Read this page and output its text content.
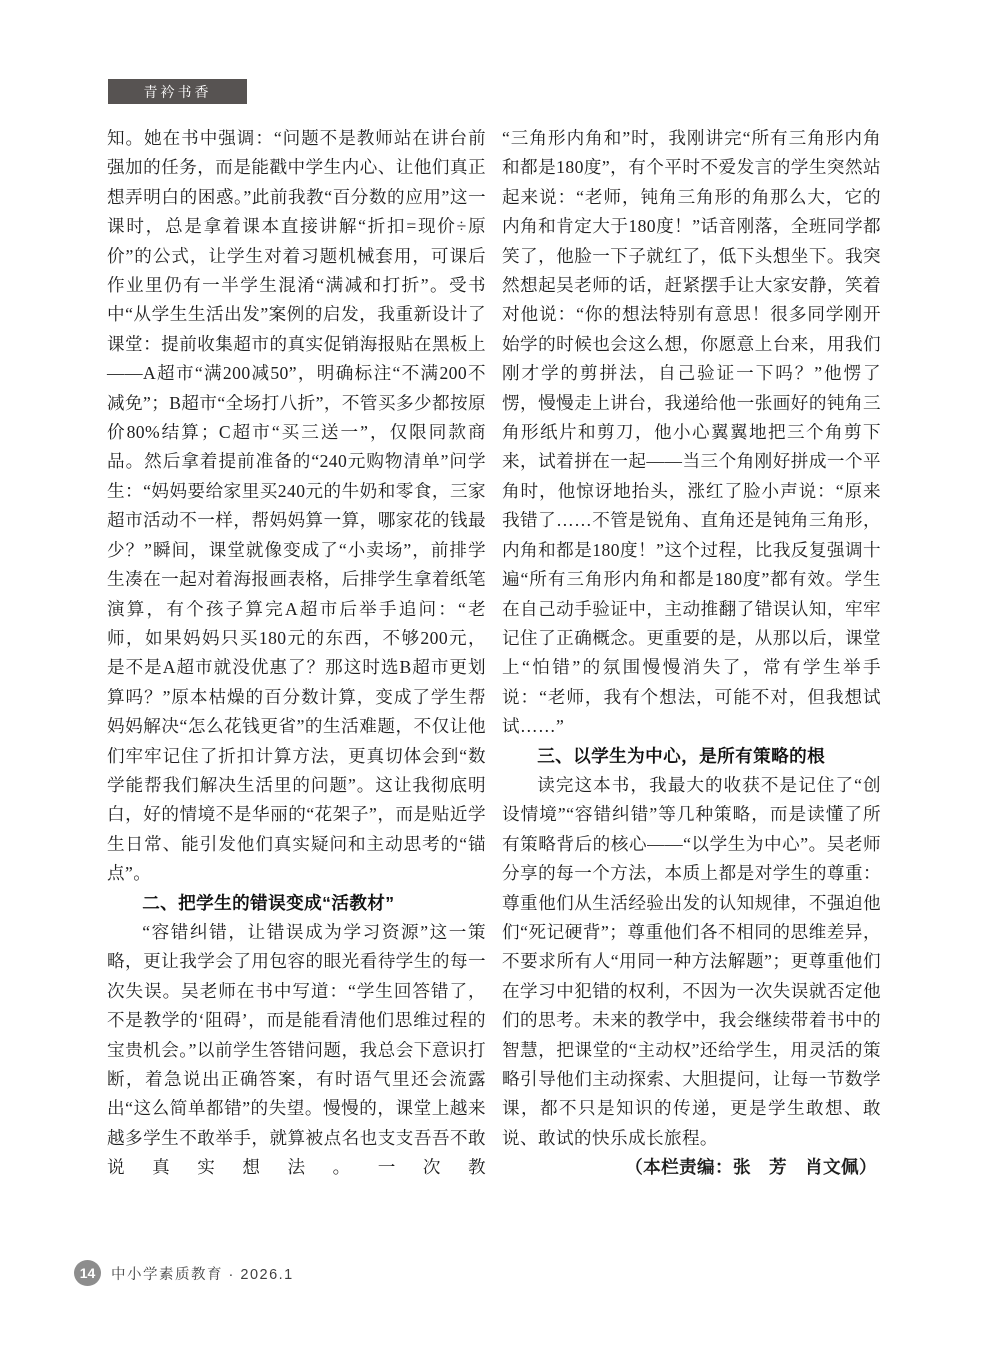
青衿书香

知。她在书中强调：“问题不是教师站在讲台前强加的任务，而是能戳中学生内心、让他们真正想弄明白的困惑。”此前我教“百分数的应用”这一课时，总是拿着课本直接讲解“折扣=现价÷原价”的公式，让学生对着习题机械套用，可课后作业里仍有一半学生混淆“满减和打折”。受书中“从学生生活出发”案例的启发，我重新设计了课堂：提前收集超市的真实促销海报贴在黑板上——A超市“满200减50”，明确标注“不满200不减免”；B超市“全场打八折”，不管买多少都按原价80%结算；C超市“买三送一”，仅限同款商品。然后拿着提前准备的“240元购物清单”问学生：“妈妈要给家里买240元的牛奶和零食，三家超市活动不一样，帮妈妈算一算，哪家花的钱最少？”瞬间，课堂就像变成了“小卖场”，前排学生凑在一起对着海报画表格，后排学生拿着纸笔演算，有个孩子算完A超市后举手追问：“老师，如果妈妈只买180元的东西，不够200元，是不是A超市就没优惠了？那这时选B超市更划算吗？”原本枯燥的百分数计算，变成了学生帮妈妈解决“怎么花钱更省”的生活难题，不仅让他们牢牢记住了折扣计算方法，更真切体会到“数学能帮我们解决生活里的问题”。这让我彻底明白，好的情境不是华丽的“花架子”，而是贴近学生日常、能引发他们真实疑问和主动思考的“锚点”。

二、把学生的错误变成“活教材”

“容错纠错，让错误成为学习资源”这一策略，更让我学会了用包容的眼光看待学生的每一次失误。吴老师在书中写道：“学生回答错了，不是教学的‘阻碍’，而是能看清他们思维过程的宝贵机会。”以前学生答错问题，我总会下意识打断，着急说出正确答案，有时语气里还会流露出“这么简单都错”的失望。慢慢的，课堂上越来越多学生不敢举手，就算被点名也支支吾吾不敢说真实想法。一次教

“三角形内角和”时，我刚讲完“所有三角形内角和都是180度”，有个平时不爱发言的学生突然站起来说：“老师，钝角三角形的角那么大，它的内角和肯定大于180度！”话音刚落，全班同学都笑了，他脸一下子就红了，低下头想坐下。我突然想起吴老师的话，赶紧摆手让大家安静，笑着对他说：“你的想法特别有意思！很多同学刚开始学的时候也会这么想，你愿意上台来，用我们刚才学的剪拼法，自己验证一下吗？”他愣了愣，慢慢走上讲台，我递给他一张画好的钝角三角形纸片和剪刀，他小心翼翼地把三个角剪下来，试着拼在一起——当三个角刚好拼成一个平角时，他惊讶地抬头，涨红了脸小声说：“原来我错了……不管是锐角、直角还是钝角三角形，内角和都是180度！”这个过程，比我反复强调十遍“所有三角形内角和都是180度”都有效。学生在自己动手验证中，主动推翻了错误认知，牢牢记住了正确概念。更重要的是，从那以后，课堂上“怕错”的氛围慢慢消失了，常有学生举手说：“老师，我有个想法，可能不对，但我想试试……”

三、以学生为中心，是所有策略的根

读完这本书，我最大的收获不是记住了“创设情境”“容错纠错”等几种策略，而是读懂了所有策略背后的核心——“以学生为中心”。吴老师分享的每一个方法，本质上都是对学生的尊重：尊重他们从生活经验出发的认知规律，不强迫他们“死记硬背”；尊重他们各不相同的思维差异，不要求所有人“用同一种方法解题”；更尊重他们在学习中犯错的权利，不因为一次失误就否定他们的思考。未来的教学中，我会继续带着书中的智慧，把课堂的“主动权”还给学生，用灵活的策略引导他们主动探索、大胆提问，让每一节数学课，都不只是知识的传递，更是学生敢想、敢说、敢试的快乐成长旅程。

（本栏责编：张　芳　肖文佩）

14	中小学素质教育 · 2026.1
